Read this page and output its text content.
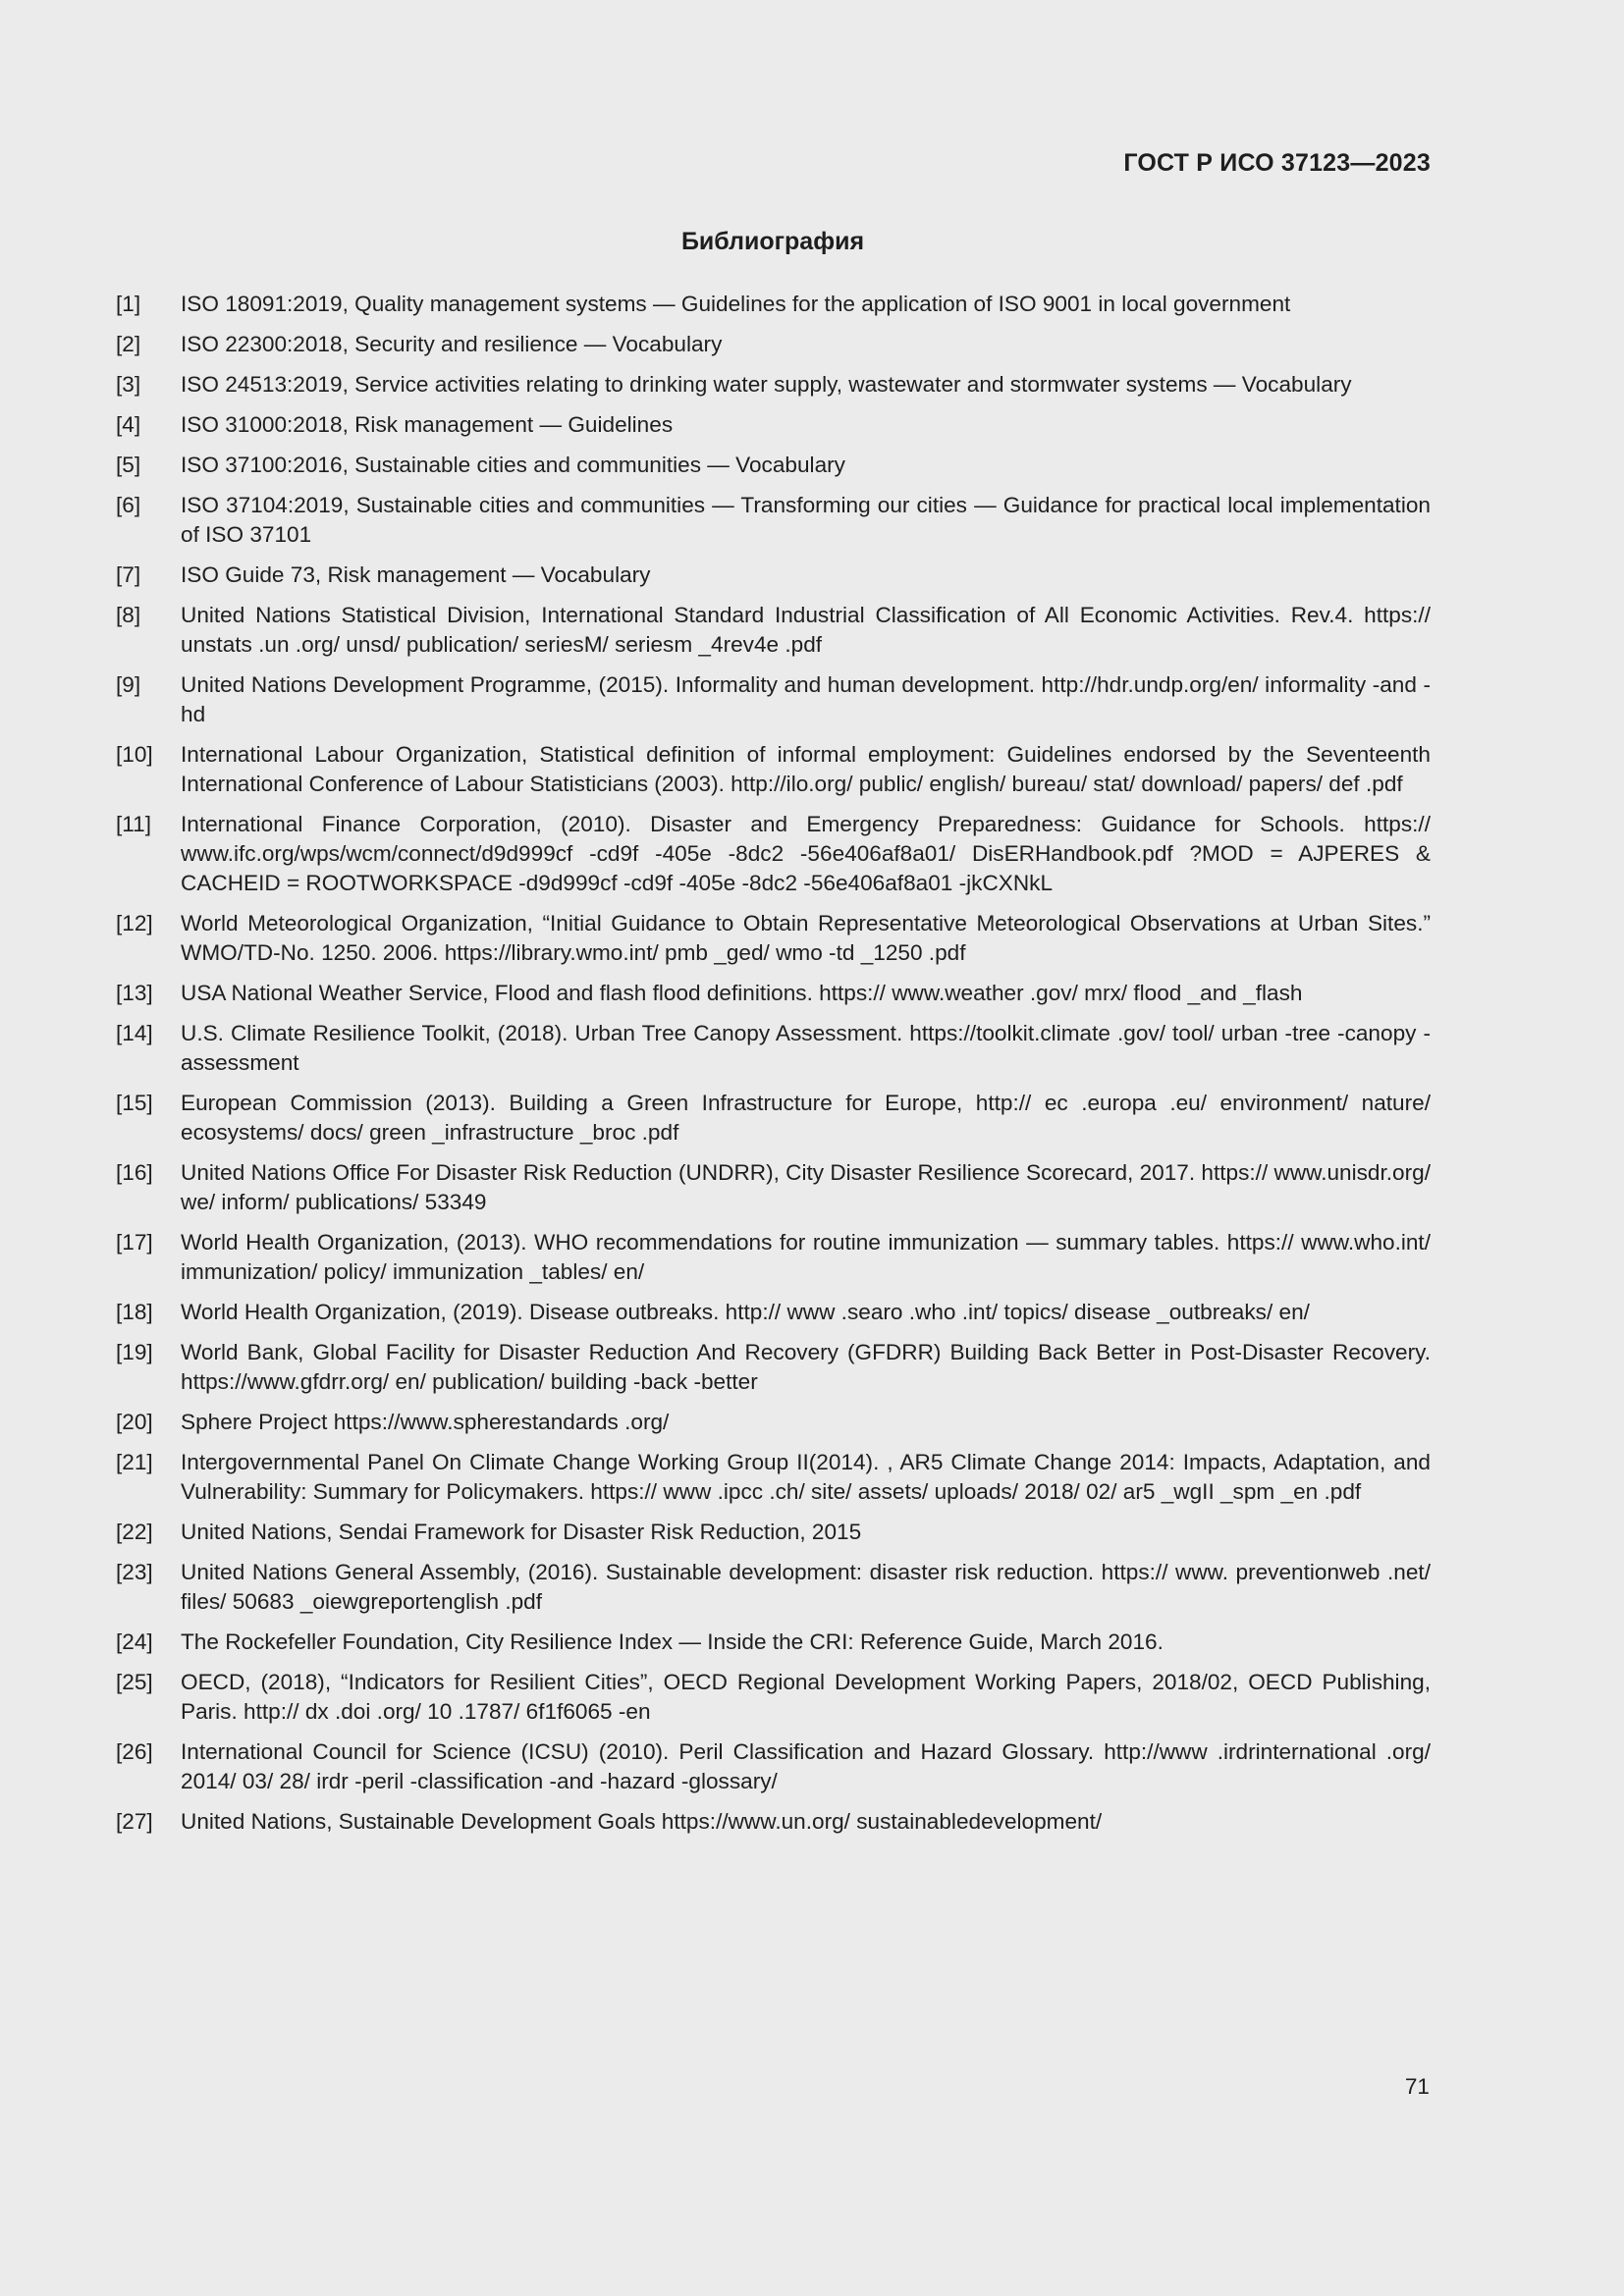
ГОСТ Р ИСО 37123—2023
Библиография
[1]	ISO 18091:2019, Quality management systems — Guidelines for the application of ISO 9001 in local government
[2]	ISO 22300:2018, Security and resilience — Vocabulary
[3]	ISO 24513:2019, Service activities relating to drinking water supply, wastewater and stormwater systems — Vocabulary
[4]	ISO 31000:2018, Risk management — Guidelines
[5]	ISO 37100:2016, Sustainable cities and communities — Vocabulary
[6]	ISO 37104:2019, Sustainable cities and communities — Transforming our cities — Guidance for practical local implementation of ISO 37101
[7]	ISO Guide 73, Risk management — Vocabulary
[8]	United Nations Statistical Division, International Standard Industrial Classification of All Economic Activities. Rev.4. https:// unstats .un .org/ unsd/ publication/ seriesM/ seriesm _4rev4e .pdf
[9]	United Nations Development Programme, (2015). Informality and human development. http://hdr.undp.org/en/ informality -and -hd
[10]	International Labour Organization, Statistical definition of informal employment: Guidelines endorsed by the Seventeenth International Conference of Labour Statisticians (2003). http://ilo.org/ public/ english/ bureau/ stat/ download/ papers/ def .pdf
[11]	International Finance Corporation, (2010). Disaster and Emergency Preparedness: Guidance for Schools. https:// www.ifc.org/wps/wcm/connect/d9d999cf -cd9f -405e -8dc2 -56e406af8a01/ DisERHandbook.pdf ?MOD = AJPERES & CACHEID = ROOTWORKSPACE -d9d999cf -cd9f -405e -8dc2 -56e406af8a01 -jkCXNkL
[12]	World Meteorological Organization, “Initial Guidance to Obtain Representative Meteorological Observations at Urban Sites.” WMO/TD-No. 1250. 2006. https://library.wmo.int/ pmb _ged/ wmo -td _1250 .pdf
[13]	USA National Weather Service, Flood and flash flood definitions. https:// www.weather .gov/ mrx/ flood _and _flash
[14]	U.S. Climate Resilience Toolkit, (2018). Urban Tree Canopy Assessment. https://toolkit.climate .gov/ tool/ urban -tree -canopy -assessment
[15]	European Commission (2013). Building a Green Infrastructure for Europe, http:// ec .europa .eu/ environment/ nature/ ecosystems/ docs/ green _infrastructure _broc .pdf
[16]	United Nations Office For Disaster Risk Reduction (UNDRR), City Disaster Resilience Scorecard, 2017. https:// www.unisdr.org/ we/ inform/ publications/ 53349
[17]	World Health Organization, (2013). WHO recommendations for routine immunization — summary tables. https:// www.who.int/ immunization/ policy/ immunization _tables/ en/
[18]	World Health Organization, (2019). Disease outbreaks. http:// www .searo .who .int/ topics/ disease _outbreaks/ en/
[19]	World Bank, Global Facility for Disaster Reduction And Recovery (GFDRR) Building Back Better in Post-Disaster Recovery. https://www.gfdrr.org/ en/ publication/ building -back -better
[20]	Sphere Project https://www.spherestandards .org/
[21]	Intergovernmental Panel On Climate Change Working Group II(2014). , AR5 Climate Change 2014: Impacts, Adaptation, and Vulnerability: Summary for Policymakers. https:// www .ipcc .ch/ site/ assets/ uploads/ 2018/ 02/ ar5 _wgII _spm _en .pdf
[22]	United Nations, Sendai Framework for Disaster Risk Reduction, 2015
[23]	United Nations General Assembly, (2016). Sustainable development: disaster risk reduction. https:// www. preventionweb .net/ files/ 50683 _oiewgreportenglish .pdf
[24]	The Rockefeller Foundation, City Resilience Index — Inside the CRI: Reference Guide, March 2016.
[25]	OECD, (2018), “Indicators for Resilient Cities”, OECD Regional Development Working Papers, 2018/02, OECD Publishing, Paris. http:// dx .doi .org/ 10 .1787/ 6f1f6065 -en
[26]	International Council for Science (ICSU) (2010). Peril Classification and Hazard Glossary. http://www .irdrinternational .org/ 2014/ 03/ 28/ irdr -peril -classification -and -hazard -glossary/
[27]	United Nations, Sustainable Development Goals https://www.un.org/ sustainabledevelopment/
71
